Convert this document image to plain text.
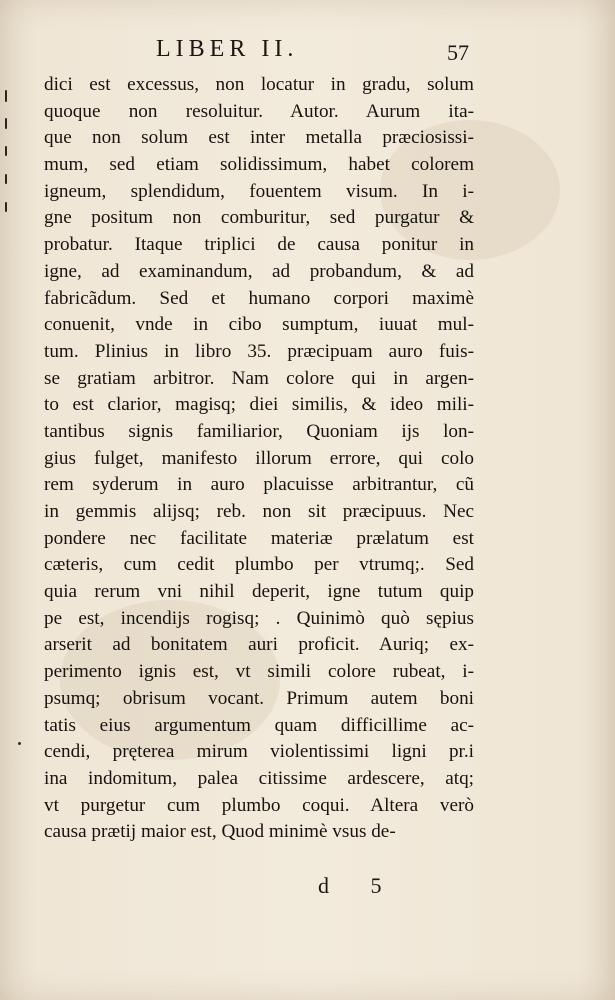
LIBER II.	57
dici est excessus, non locatur in gradu, solum
quoque non resoluitur. Autor. Aurum ita-
que non solum est inter metalla præciosissi-
mum, sed etiam solidissimum, habet colorem
igneum, splendidum, fouentem visum. In i-
gne positum non comburitur, sed purgatur &
probatur. Itaque triplici de causa ponitur in
igne, ad examinandum, ad probandum, & ad
fabricãdum. Sed et humano corpori maximè
conuenit, vnde in cibo sumptum, iuuat mul-
tum. Plinius in libro 35. præcipuam auro fuis-
se gratiam arbitror. Nam colore qui in argen-
to est clarior, magisq; diei similis, & ideo mili-
tantibus signis familiarior, Quoniam ijs lon-
gius fulget, manifesto illorum errore, qui colo
rem syderum in auro placuisse arbitrantur, cũ
in gemmis alijsq; reb. non sit præcipuus. Nec
pondere nec facilitate materiæ prælatum est
cæteris, cum cedit plumbo per vtrumq;. Sed
quia rerum vni nihil deperit, igne tutum quip
pe est, incendijs rogisq; . Quinimò quò sępius
arserit ad bonitatem auri proficit. Auriq; ex-
perimento ignis est, vt simili colore rubeat, i-
psumq; obrisum vocant. Primum autem boni
tatis eius argumentum quam difficillime ac-
cendi, pręterea mirum violentissimi ligni pr.i
ina indomitum, palea citissime ardescere, atq;
vt purgetur cum plumbo coqui. Altera verò
causa prætij maior est, Quod minimè vsus de-
d 5
